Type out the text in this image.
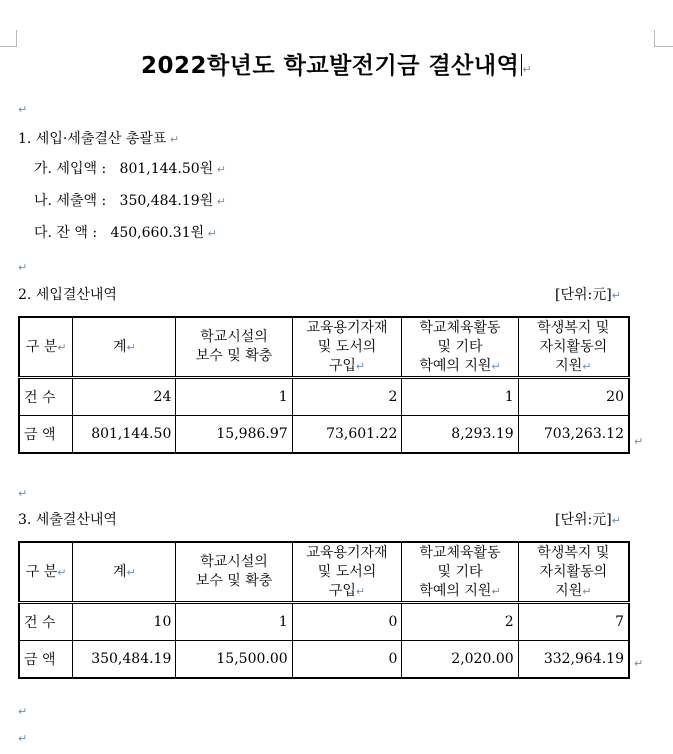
2022학년도 학교발전기금 결산내역 ↵
↵
1. 세입·세출결산 총괄표 ↵
가. 세입액 : 801,144.50원 ↵
나. 세출액 : 350,484.19원 ↵
다. 잔 액 : 450,660.31원 ↵
↵
2. 세입결산내역	[단위:元]↵
구 분↵	계↵	학교시설의
보수 및 확충	교육용기자재
및 도서의
구입↵	학교체육활동
및 기타
학예의 지원↵	학생복지 및
자치활동의
지원↵
건 수	24	1	2	1	20
금 액	801,144.50	15,986.97	73,601.22	8,293.19	703,263.12 ↵
↵
3. 세출결산내역	[단위:元]↵
구 분↵	계↵	학교시설의
보수 및 확충	교육용기자재
및 도서의
구입↵	학교체육활동
및 기타
학예의 지원↵	학생복지 및
자치활동의
지원↵
건 수	10	1	0	2	7
금 액	350,484.19	15,500.00	0	2,020.00	332,964.19 ↵
↵
↵
